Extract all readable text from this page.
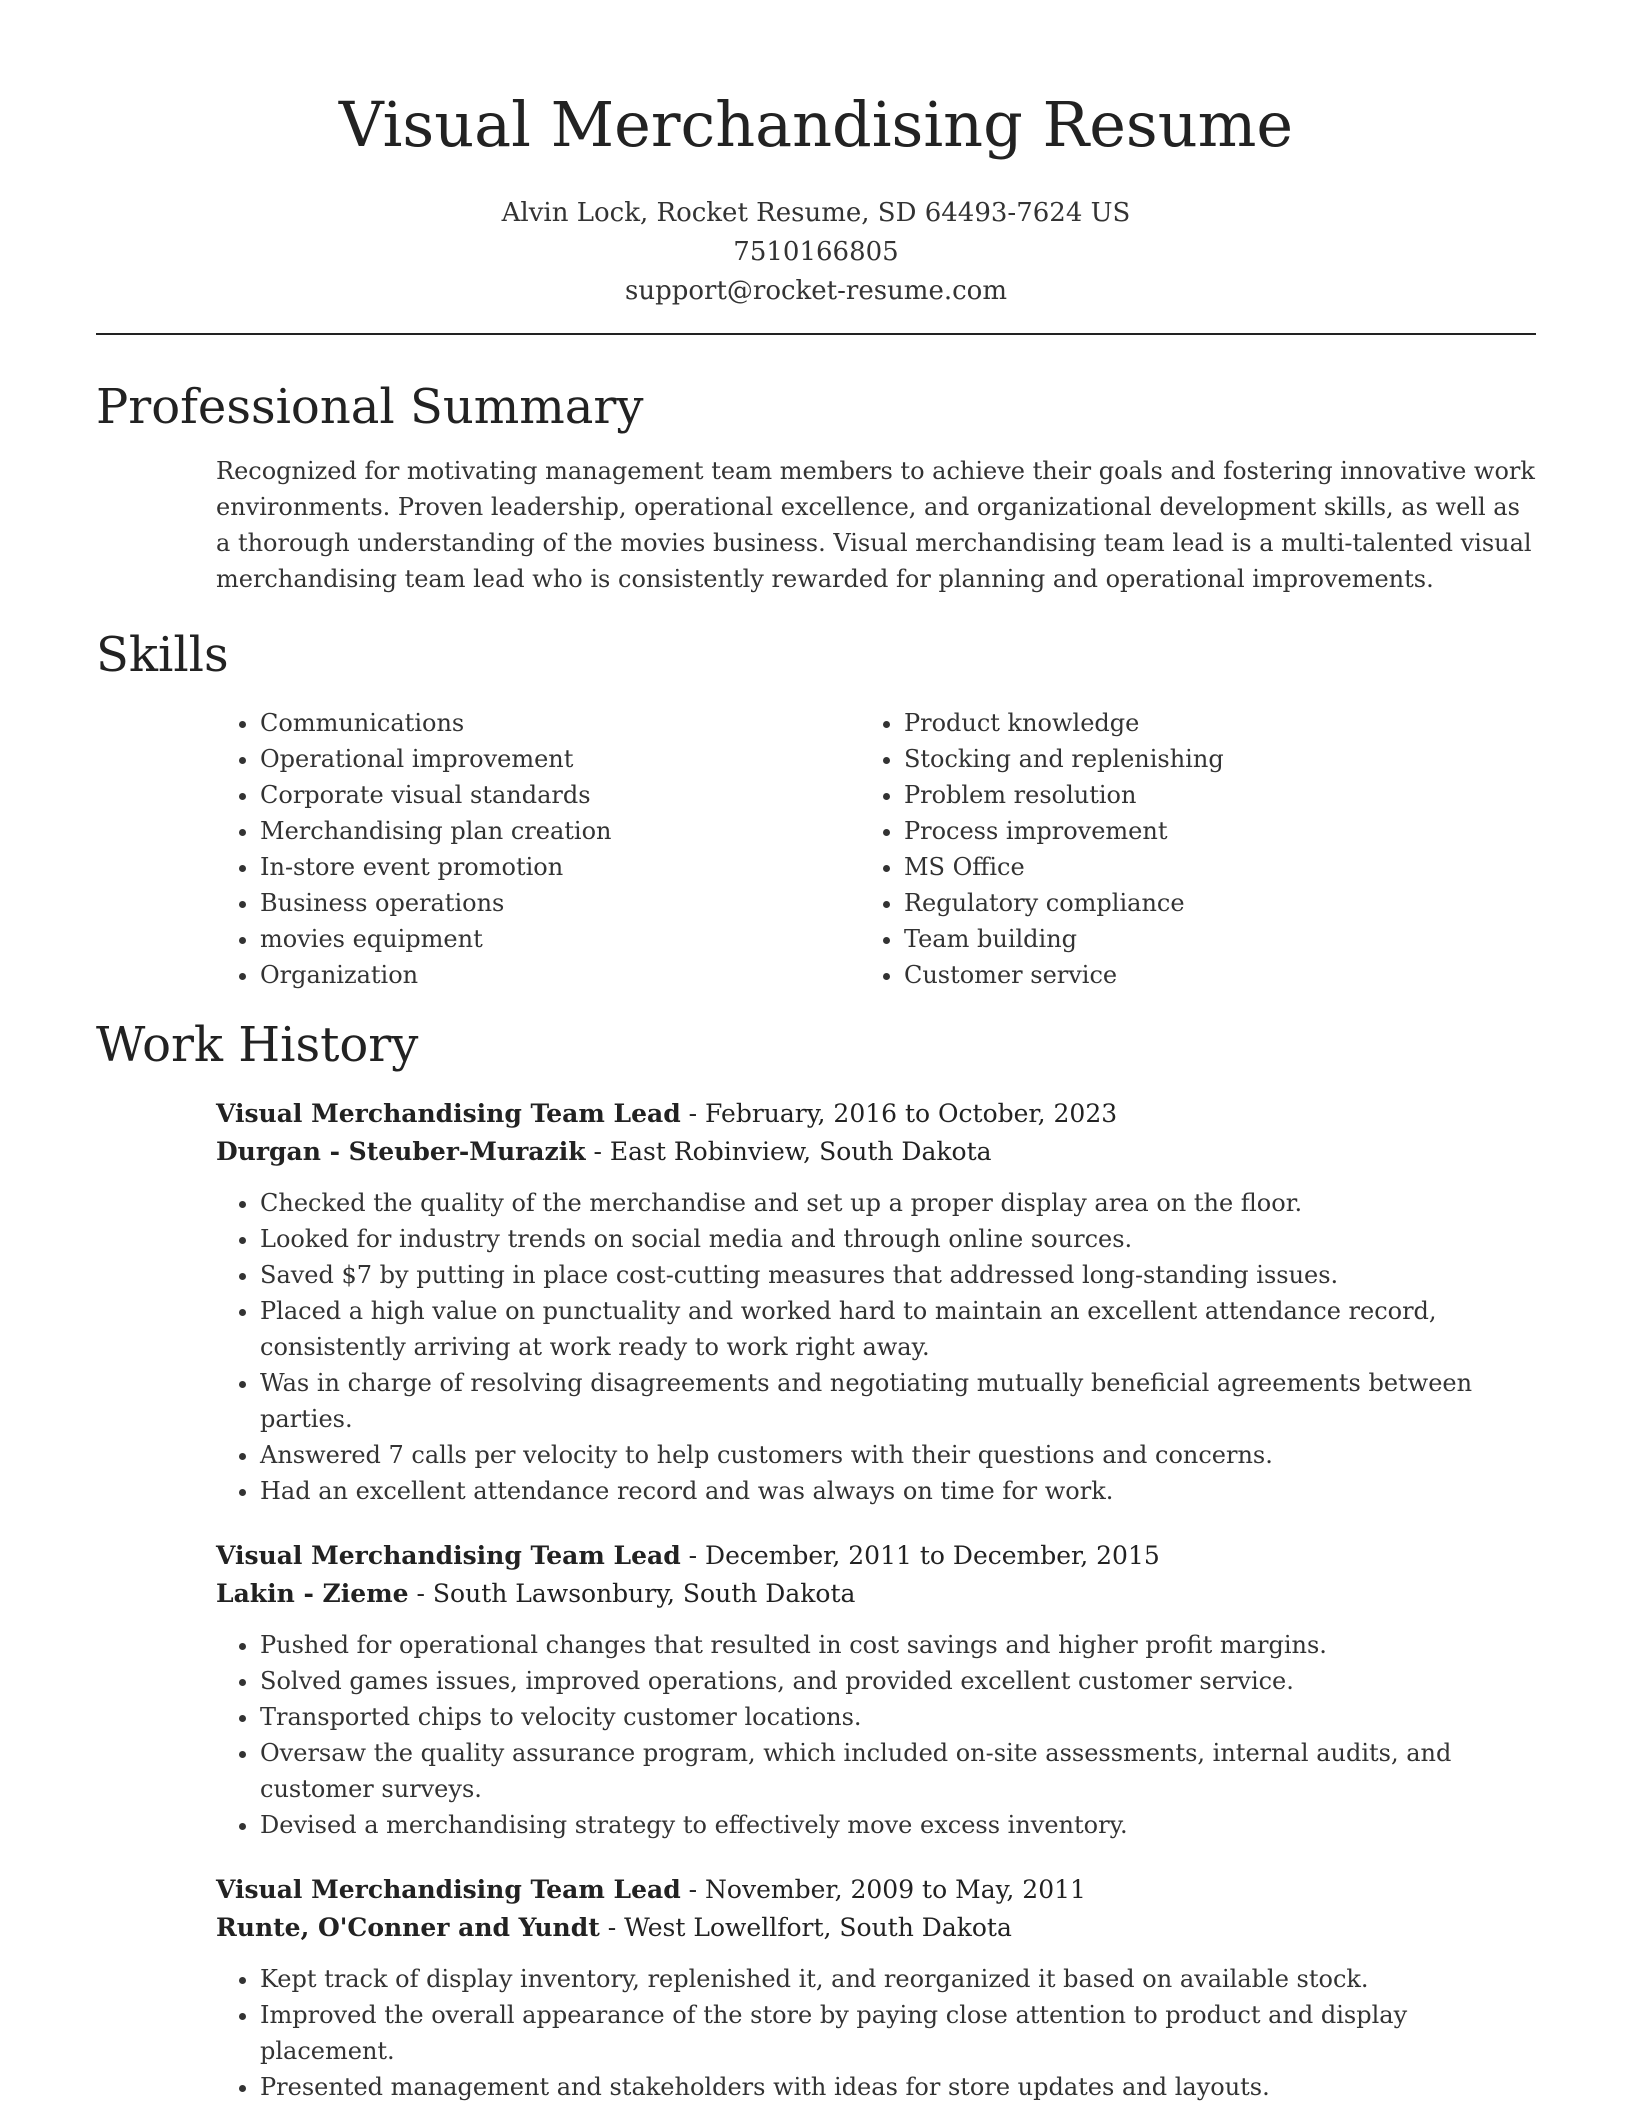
Visual Merchandising Resume
Alvin Lock, Rocket Resume, SD 64493-7624 US
7510166805
support@rocket-resume.com
Professional Summary

Recognized for motivating management team members to achieve their goals and fostering innovative work environments. Proven leadership, operational excellence, and organizational development skills, as well as a thorough understanding of the movies business. Visual merchandising team lead is a multi-talented visual merchandising team lead who is consistently rewarded for planning and operational improvements.

Skills
• Communications
• Operational improvement
• Corporate visual standards
• Merchandising plan creation
• In-store event promotion
• Business operations
• movies equipment
• Organization
• Product knowledge
• Stocking and replenishing
• Problem resolution
• Process improvement
• MS Office
• Regulatory compliance
• Team building
• Customer service
Work History
Visual Merchandising Team Lead - February, 2016 to October, 2023
Durgan - Steuber-Murazik - East Robinview, South Dakota
• Checked the quality of the merchandise and set up a proper display area on the floor.
• Looked for industry trends on social media and through online sources.
• Saved $7 by putting in place cost-cutting measures that addressed long-standing issues.
• Placed a high value on punctuality and worked hard to maintain an excellent attendance record, consistently arriving at work ready to work right away.
• Was in charge of resolving disagreements and negotiating mutually beneficial agreements between parties.
• Answered 7 calls per velocity to help customers with their questions and concerns.
• Had an excellent attendance record and was always on time for work.
Visual Merchandising Team Lead - December, 2011 to December, 2015
Lakin - Zieme - South Lawsonbury, South Dakota
• Pushed for operational changes that resulted in cost savings and higher profit margins.
• Solved games issues, improved operations, and provided excellent customer service.
• Transported chips to velocity customer locations.
• Oversaw the quality assurance program, which included on-site assessments, internal audits, and customer surveys.
• Devised a merchandising strategy to effectively move excess inventory.
Visual Merchandising Team Lead - November, 2009 to May, 2011
Runte, O'Conner and Yundt - West Lowellfort, South Dakota
• Kept track of display inventory, replenished it, and reorganized it based on available stock.
• Improved the overall appearance of the store by paying close attention to product and display placement.
• Presented management and stakeholders with ideas for store updates and layouts.
